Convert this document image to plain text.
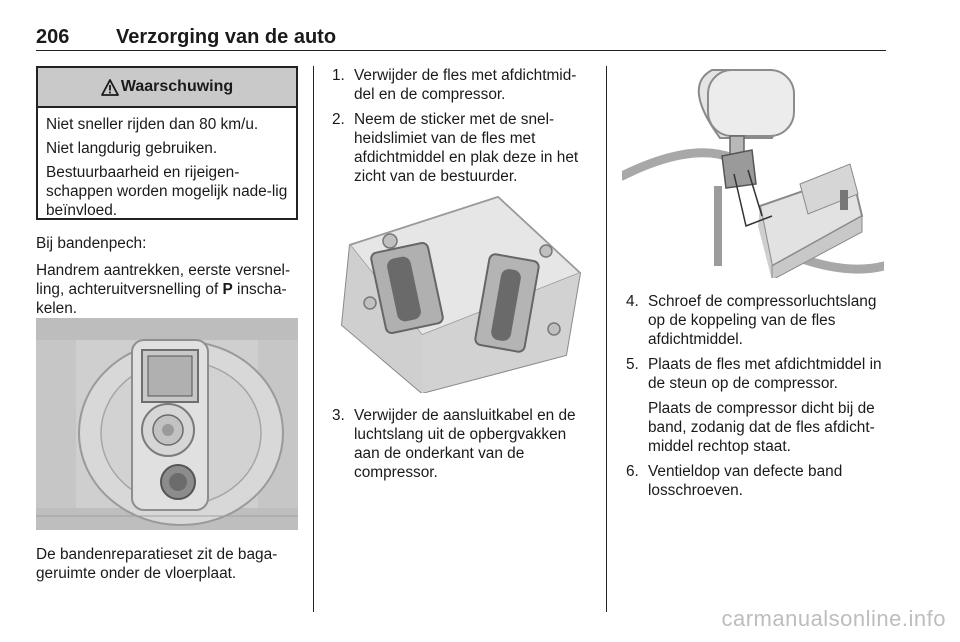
206 Verzorging van de auto
Waarschuwing

Niet sneller rijden dan 80 km/u.

Niet langdurig gebruiken.

Bestuurbaarheid en rijeigen-schappen worden mogelijk nade-lig beïnvloed.

Bij bandenpech:

Handrem aantrekken, eerste versnel-ling, achteruitversnelling of P inscha-kelen.

De bandenreparatieset zit de baga-geruimte onder de vloerplaat.

1. Verwijder de fles met afdichtmid-del en de compressor.
2. Neem de sticker met de snel-heidslimiet van de fles met afdichtmiddel en plak deze in het zicht van de bestuurder.
3. Verwijder de aansluitkabel en de luchtslang uit de opbergvakken aan de onderkant van de compressor.
4. Schroef de compressorluchtslang op de koppeling van de fles afdichtmiddel.
5. Plaats de fles met afdichtmiddel in de steun op de compressor.
Plaats de compressor dicht bij de band, zodanig dat de fles afdicht-middel rechtop staat.
6. Ventieldop van defecte band losschroeven.
carmanualsonline.info
